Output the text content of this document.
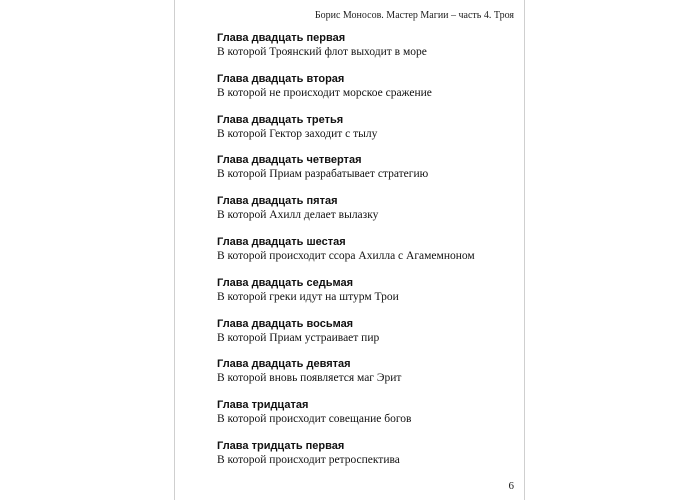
Борис Моносов. Мастер Магии – часть 4. Троя
Глава двадцать первая
В которой Троянский флот выходит в море
Глава двадцать вторая
В которой не происходит морское сражение
Глава двадцать третья
В которой Гектор заходит с тылу
Глава двадцать четвертая
В которой Приам разрабатывает стратегию
Глава двадцать пятая
В которой Ахилл делает вылазку
Глава двадцать шестая
В которой происходит ссора Ахилла с Агамемноном
Глава двадцать седьмая
В которой греки идут на штурм Трои
Глава двадцать восьмая
В которой Приам устраивает пир
Глава двадцать девятая
В которой вновь появляется маг Эрит
Глава тридцатая
В которой происходит совещание богов
Глава тридцать первая
В которой происходит ретроспектива
6
